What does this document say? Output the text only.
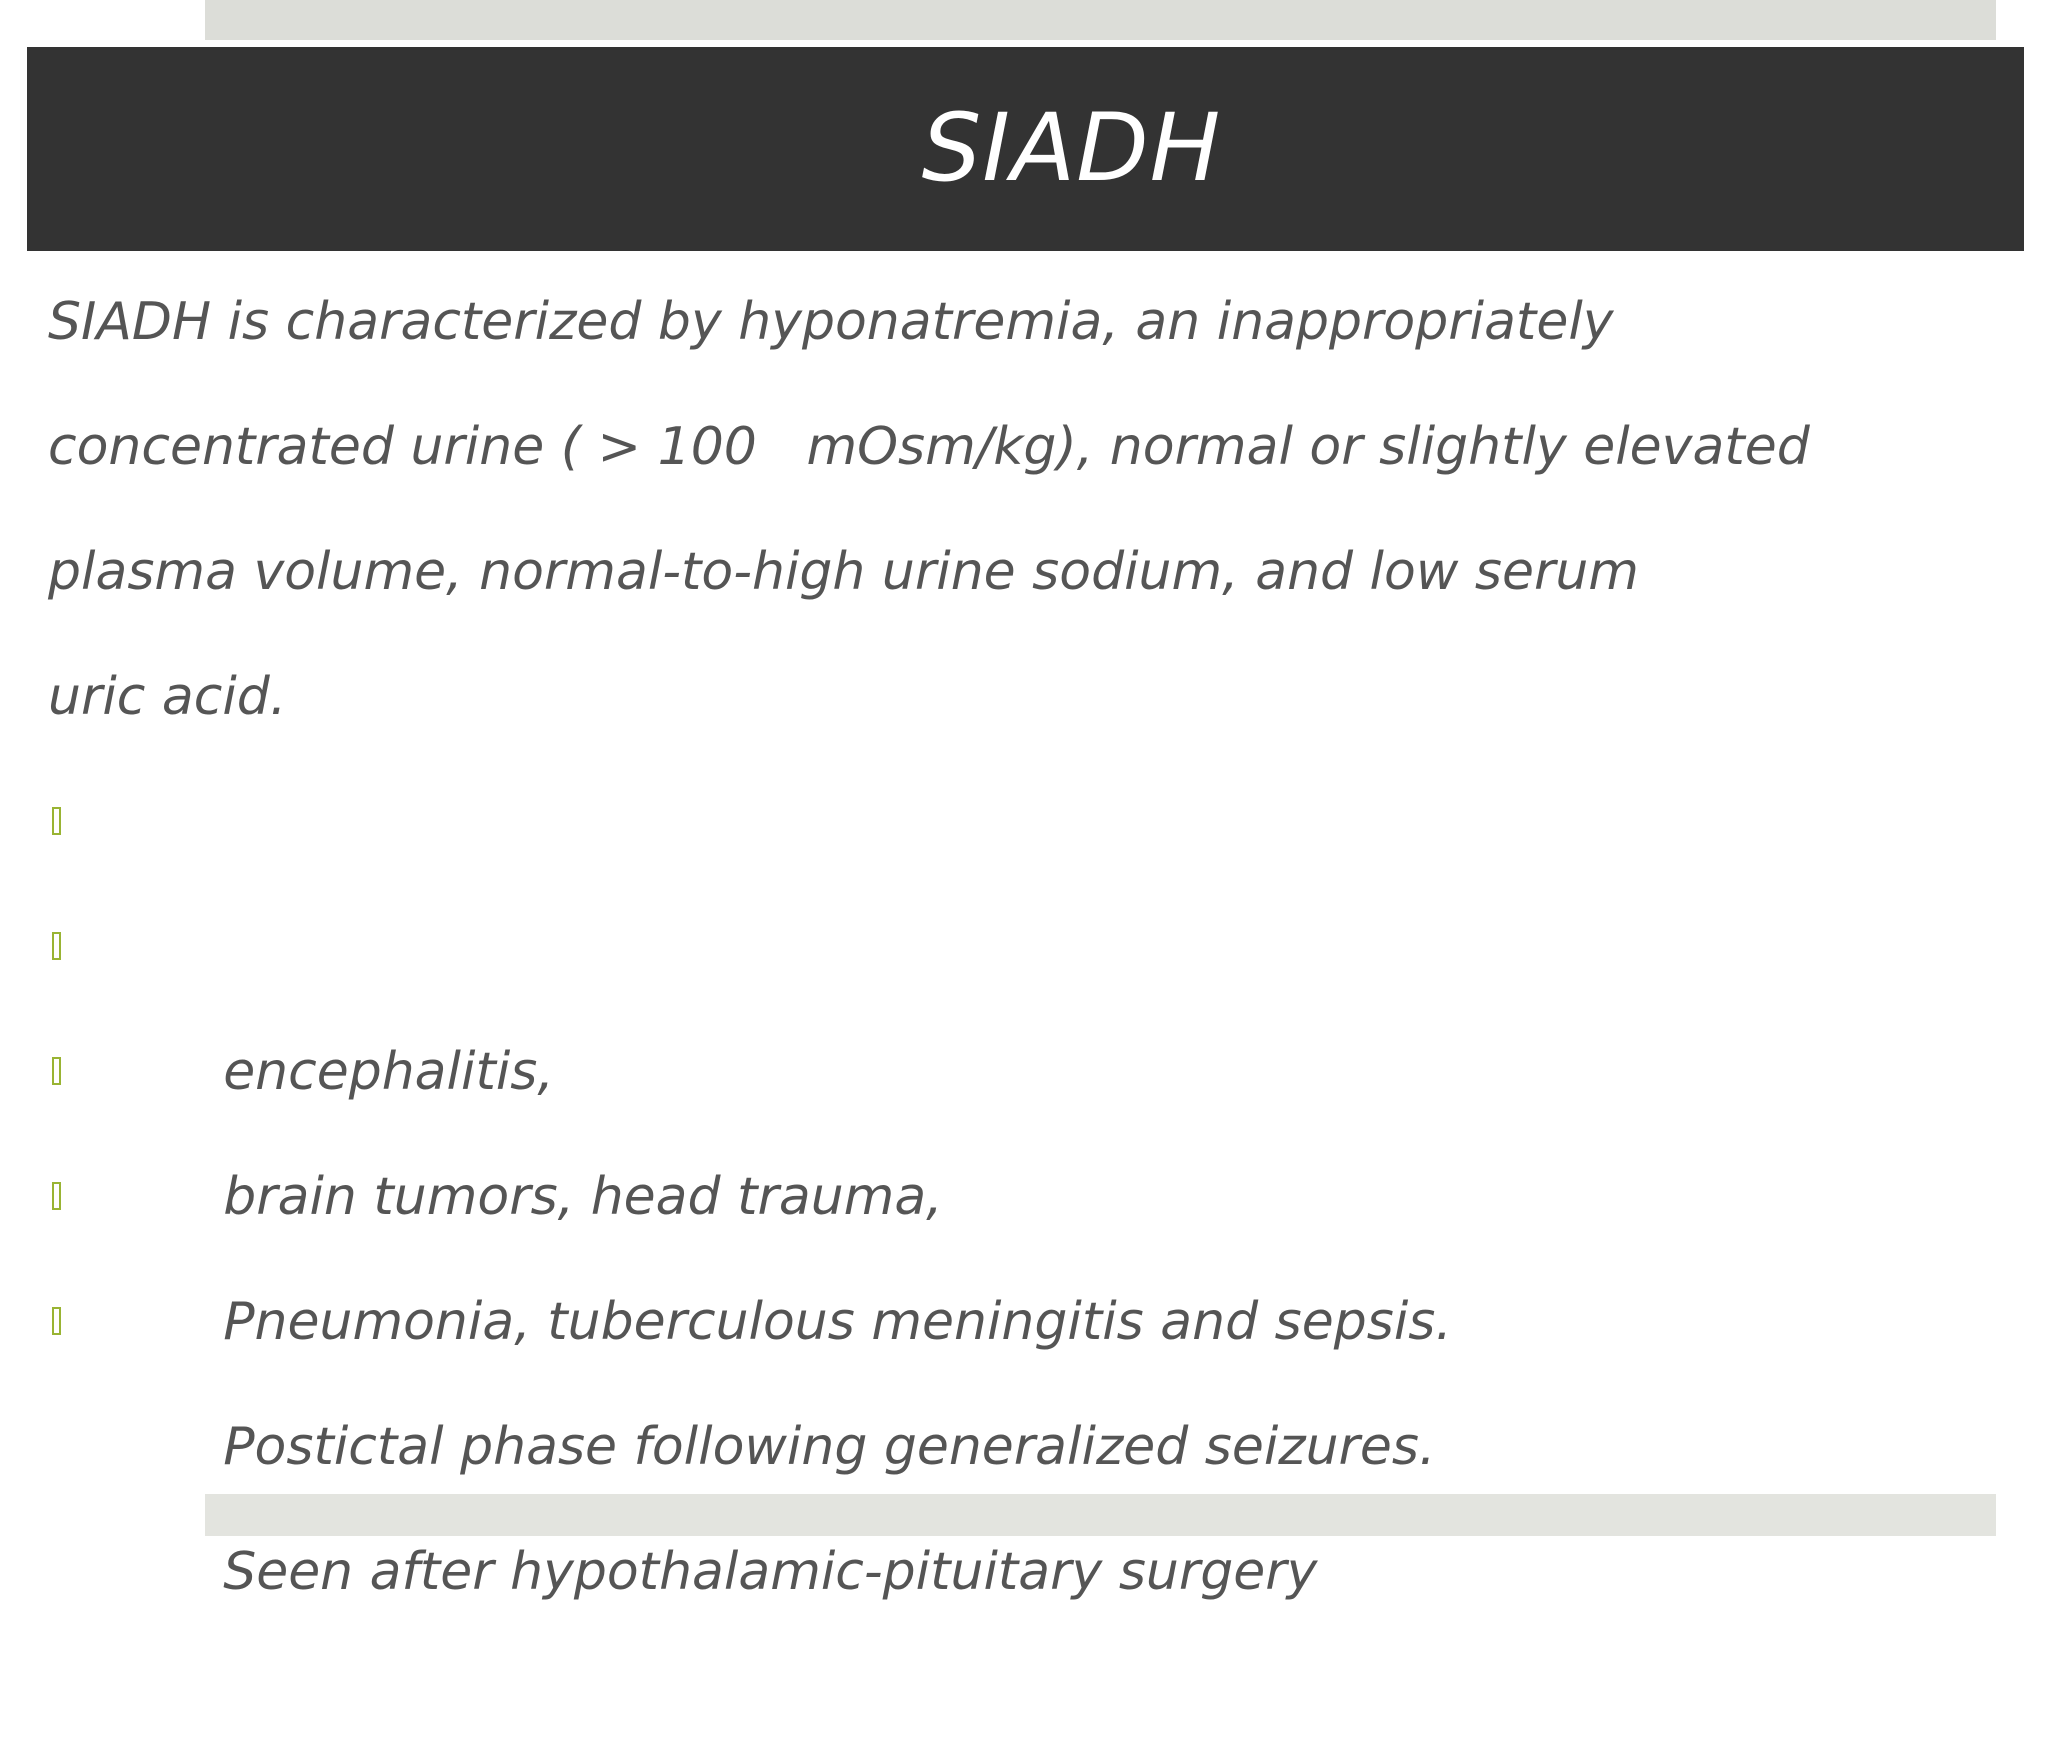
SIADH
SIADH is characterized by hyponatremia, an inappropriately
concentrated urine ( > 100   mOsm/kg), normal or slightly elevated
plasma volume, normal-to-high urine sodium, and low serum
uric acid.

encephalitis,

brain tumors, head trauma,

Pneumonia, tuberculous meningitis and sepsis.

Postictal phase following generalized seizures.

Seen after hypothalamic-pituitary surgery
